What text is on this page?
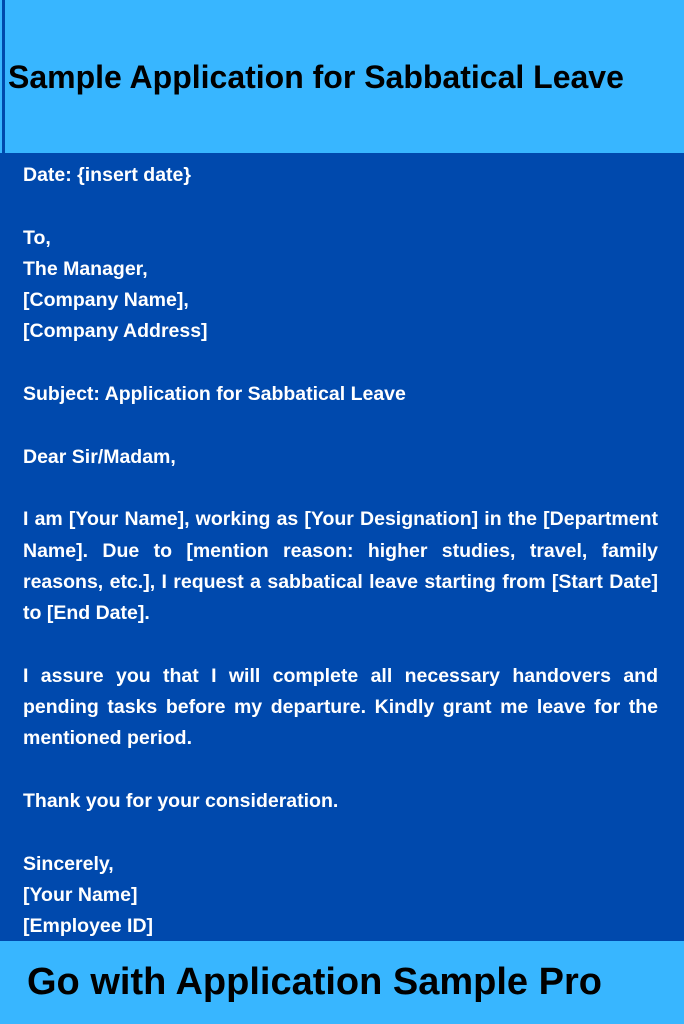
Sample Application for Sabbatical Leave
Date: {insert date}
To,
The Manager,
[Company Name],
[Company Address]
Subject: Application for Sabbatical Leave
Dear Sir/Madam,
I am [Your Name], working as [Your Designation] in the [Department Name]. Due to [mention reason: higher studies, travel, family reasons, etc.], I request a sabbatical leave starting from [Start Date] to [End Date].
I assure you that I will complete all necessary handovers and pending tasks before my departure. Kindly grant me leave for the mentioned period.
Thank you for your consideration.
Sincerely,
[Your Name]
[Employee ID]

Go with Application Sample Pro
